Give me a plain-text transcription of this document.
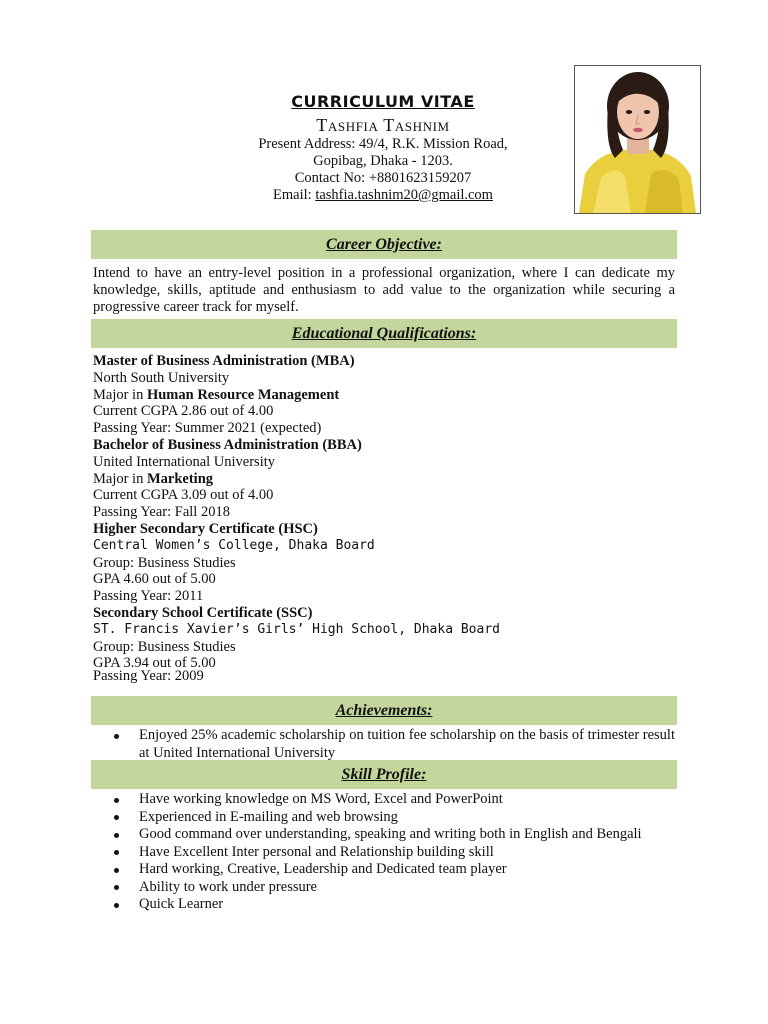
CURRICULUM VITAE
Tashfia Tashnim
Present Address: 49/4, R.K. Mission Road,
Gopibag, Dhaka - 1203.
Contact No: +8801623159207
Email: tashfia.tashnim20@gmail.com
Career Objective:
Intend to have an entry-level position in a professional organization, where I can dedicate my knowledge, skills, aptitude and enthusiasm to add value to the organization while securing a progressive career track for myself.
Educational Qualifications:
Master of Business Administration (MBA)
North South University
Major in Human Resource Management
Current CGPA 2.86 out of 4.00
Passing Year: Summer 2021 (expected)
Bachelor of Business Administration (BBA)
United International University
Major in Marketing
Current CGPA 3.09 out of 4.00
Passing Year: Fall 2018
Higher Secondary Certificate (HSC)
Central Women’s College, Dhaka Board
Group: Business Studies
GPA 4.60 out of 5.00
Passing Year: 2011
Secondary School Certificate (SSC)
ST. Francis Xavier’s Girls’ High School, Dhaka Board
Group: Business Studies
GPA 3.94 out of 5.00
Passing Year: 2009
Achievements:
Enjoyed 25% academic scholarship on tuition fee scholarship on the basis of trimester result at United International University
Skill Profile:
Have working knowledge on MS Word, Excel and PowerPoint
Experienced in E-mailing and web browsing
Good command over understanding, speaking and writing both in English and Bengali
Have Excellent Inter personal and Relationship building skill
Hard working, Creative, Leadership and Dedicated team player
Ability to work under pressure
Quick Learner
